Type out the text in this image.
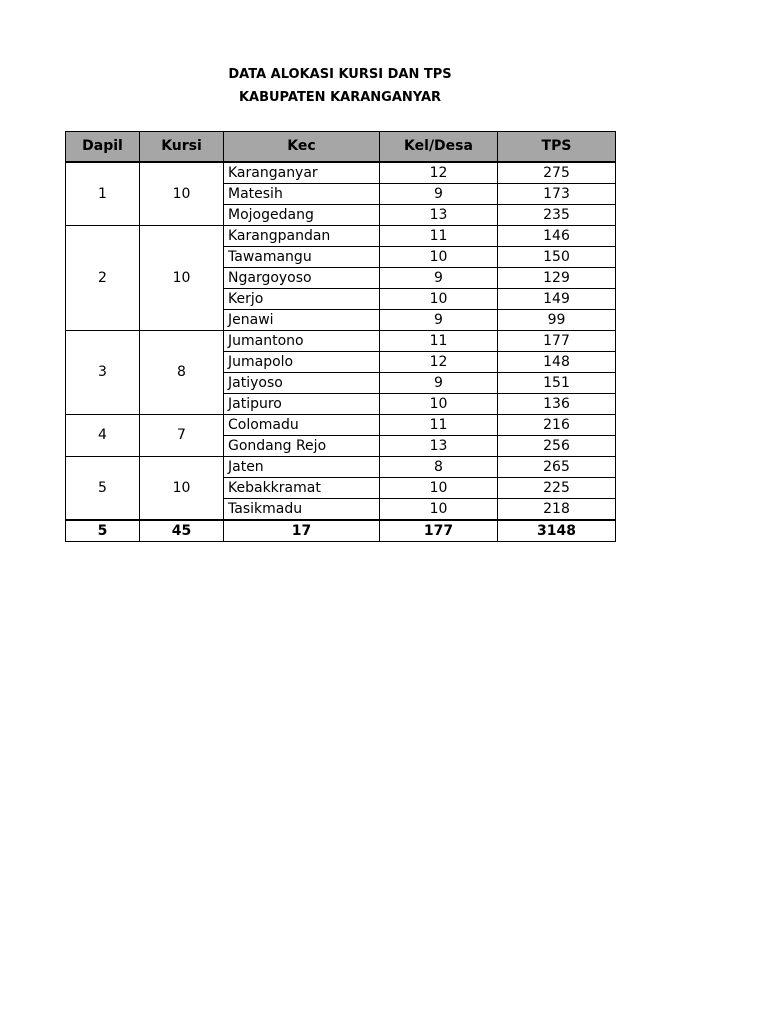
DATA ALOKASI KURSI DAN TPS
KABUPATEN KARANGANYAR
Dapil	Kursi	Kec	Kel/Desa	TPS
1	10	Karanganyar	12	275
		Matesih	9	173
		Mojogedang	13	235
2	10	Karangpandan	11	146
		Tawamangu	10	150
		Ngargoyoso	9	129
		Kerjo	10	149
		Jenawi	9	99
3	8	Jumantono	11	177
		Jumapolo	12	148
		Jatiyoso	9	151
		Jatipuro	10	136
4	7	Colomadu	11	216
		Gondang Rejo	13	256
5	10	Jaten	8	265
		Kebakkramat	10	225
		Tasikmadu	10	218
5	45	17	177	3148
